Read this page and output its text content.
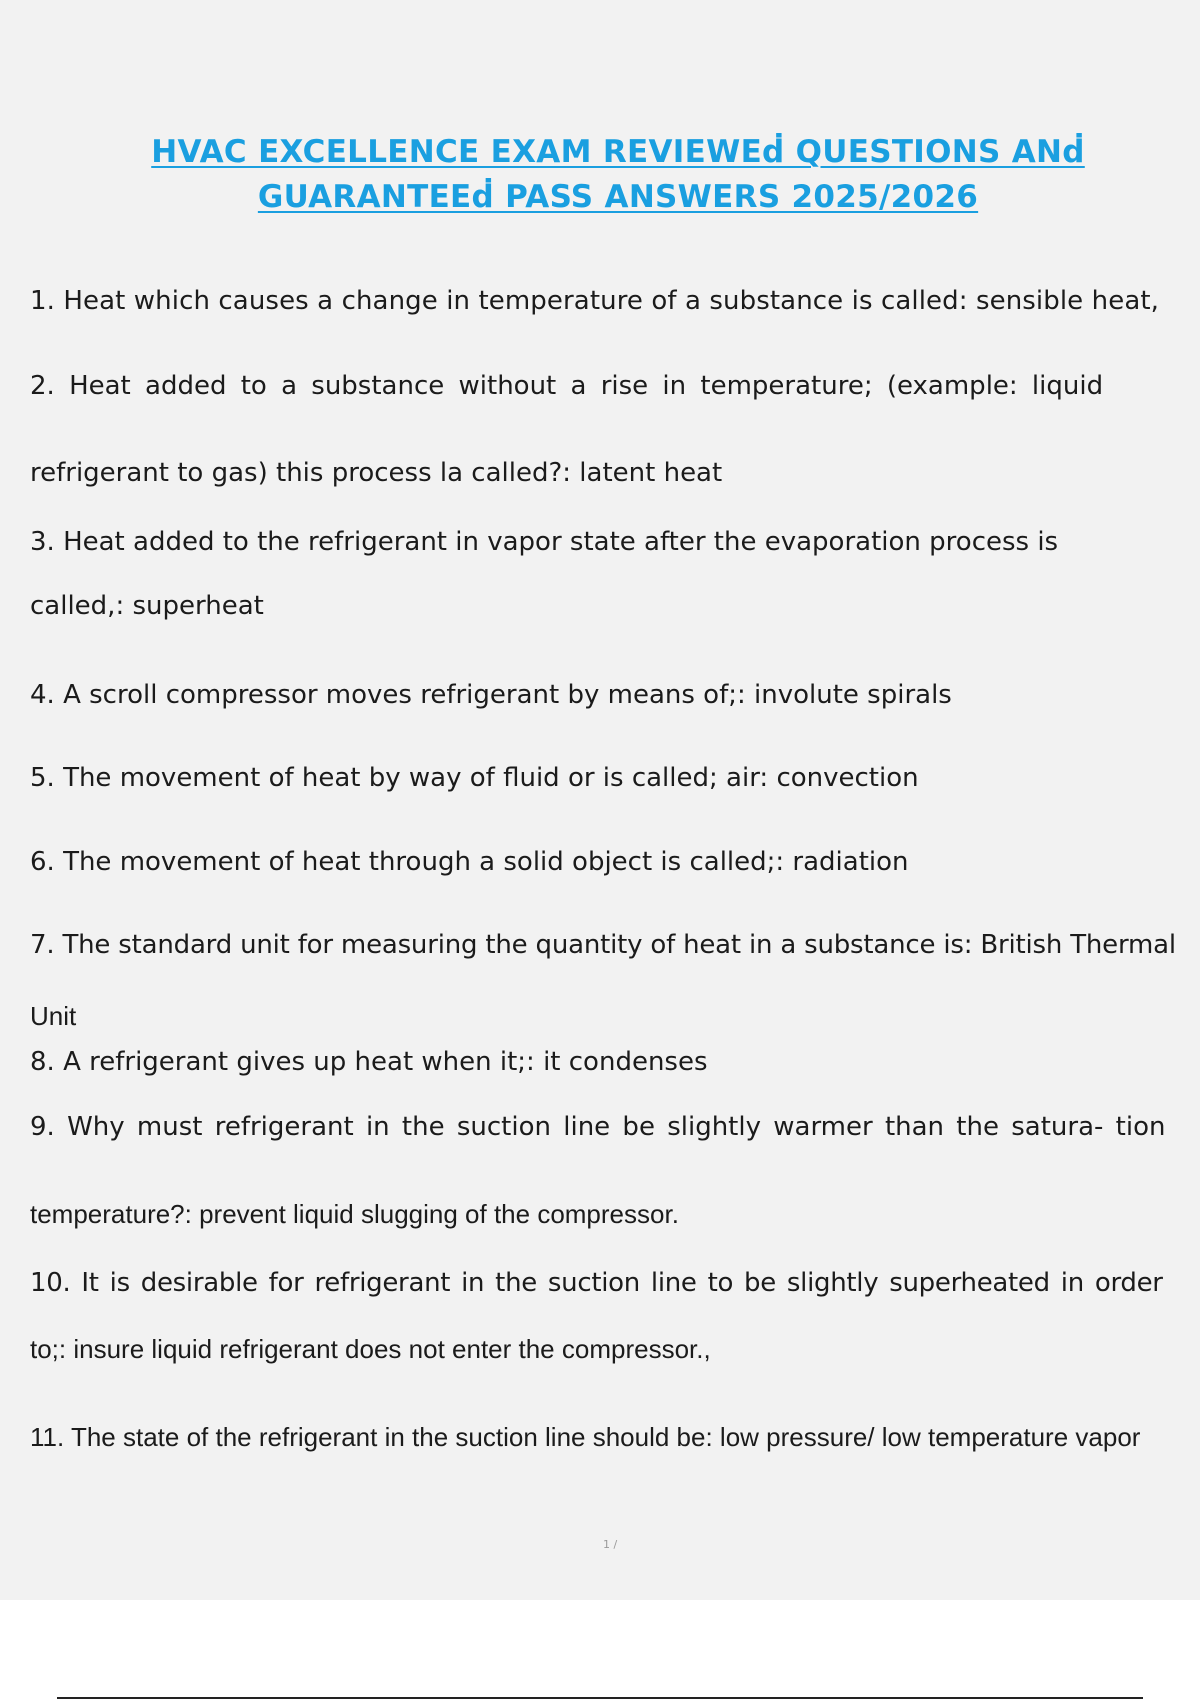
HVAC EXCELLENCE EXAM REVIEWEḋ QUESTIONS ANḋ
GUARANTEEḋ PASS ANSWERS 2025/2026
1. Heat which causes a change in temperature of a substance is called: sensible heat,
2. Heat added to a substance without a rise in temperature; (example: liquid
refrigerant to gas) this process la called?: latent heat
3. Heat added to the refrigerant in vapor state after the evaporation process is
called,: superheat
4. A scroll compressor moves refrigerant by means of;: involute spirals
5. The movement of heat by way of fluid or is called; air: convection
6. The movement of heat through a solid object is called;: radiation
7. The standard unit for measuring the quantity of heat in a substance is: British Thermal
Unit
8. A refrigerant gives up heat when it;: it condenses
9. Why must refrigerant in the suction line be slightly warmer than the satura- tion
temperature?: prevent liquid slugging of the compressor.
10. It is desirable for refrigerant in the suction line to be slightly superheated in order
to;: insure liquid refrigerant does not enter the compressor.,
11. The state of the refrigerant in the suction line should be: low pressure/ low temperature vapor
1 /
